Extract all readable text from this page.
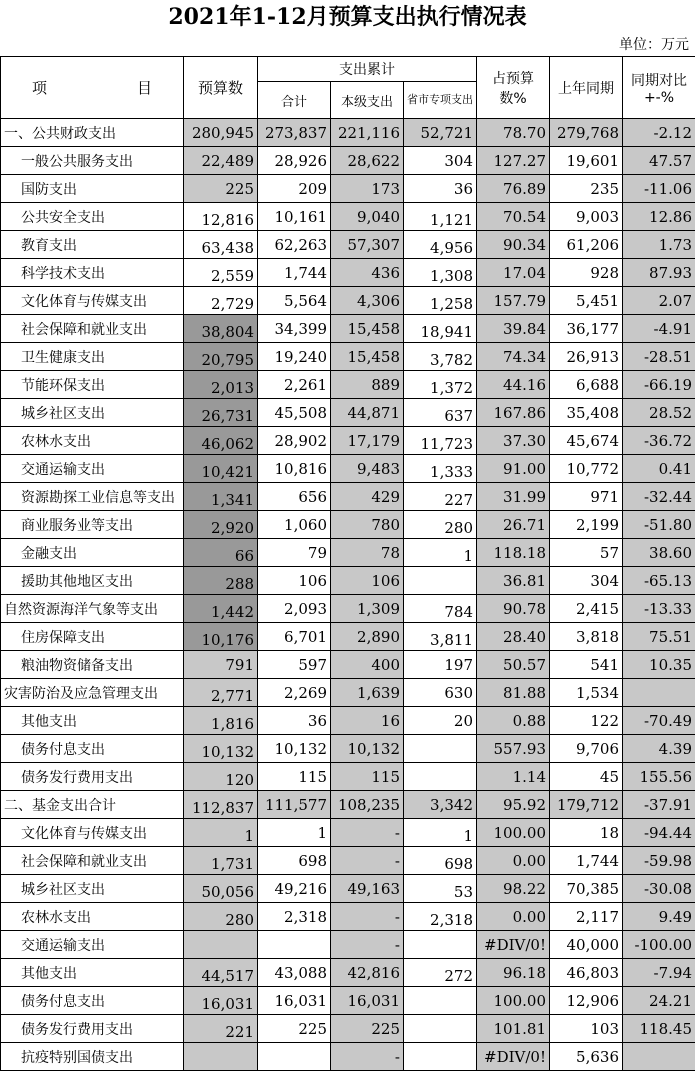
2021年1-12月预算支出执行情况表
单位：万元
项　　　　　　目	预算数	支出累计			占预算数%	上年同期	同期对比+-%
		合计	本级支出	省市专项支出			
一、公共财政支出	280,945	273,837	221,116	52,721	78.70	279,768	-2.12
一般公共服务支出	22,489	28,926	28,622	304	127.27	19,601	47.57
国防支出	225	209	173	36	76.89	235	-11.06
公共安全支出	12,816	10,161	9,040	1,121	70.54	9,003	12.86
教育支出	63,438	62,263	57,307	4,956	90.34	61,206	1.73
科学技术支出	2,559	1,744	436	1,308	17.04	928	87.93
文化体育与传媒支出	2,729	5,564	4,306	1,258	157.79	5,451	2.07
社会保障和就业支出	38,804	34,399	15,458	18,941	39.84	36,177	-4.91
卫生健康支出	20,795	19,240	15,458	3,782	74.34	26,913	-28.51
节能环保支出	2,013	2,261	889	1,372	44.16	6,688	-66.19
城乡社区支出	26,731	45,508	44,871	637	167.86	35,408	28.52
农林水支出	46,062	28,902	17,179	11,723	37.30	45,674	-36.72
交通运输支出	10,421	10,816	9,483	1,333	91.00	10,772	0.41
资源勘探工业信息等支出	1,341	656	429	227	31.99	971	-32.44
商业服务业等支出	2,920	1,060	780	280	26.71	2,199	-51.80
金融支出	66	79	78	1	118.18	57	38.60
援助其他地区支出	288	106	106		36.81	304	-65.13
自然资源海洋气象等支出	1,442	2,093	1,309	784	90.78	2,415	-13.33
住房保障支出	10,176	6,701	2,890	3,811	28.40	3,818	75.51
粮油物资储备支出	791	597	400	197	50.57	541	10.35
灾害防治及应急管理支出	2,771	2,269	1,639	630	81.88	1,534	
其他支出	1,816	36	16	20	0.88	122	-70.49
债务付息支出	10,132	10,132	10,132		557.93	9,706	4.39
债务发行费用支出	120	115	115		1.14	45	155.56
二、基金支出合计	112,837	111,577	108,235	3,342	95.92	179,712	-37.91
文化体育与传媒支出	1	1	-	1	100.00	18	-94.44
社会保障和就业支出	1,731	698	-	698	0.00	1,744	-59.98
城乡社区支出	50,056	49,216	49,163	53	98.22	70,385	-30.08
农林水支出	280	2,318	-	2,318	0.00	2,117	9.49
交通运输支出			-		#DIV/0!	40,000	-100.00
其他支出	44,517	43,088	42,816	272	96.18	46,803	-7.94
债务付息支出	16,031	16,031	16,031		100.00	12,906	24.21
债务发行费用支出	221	225	225		101.81	103	118.45
抗疫特别国债支出			-		#DIV/0!	5,636	
